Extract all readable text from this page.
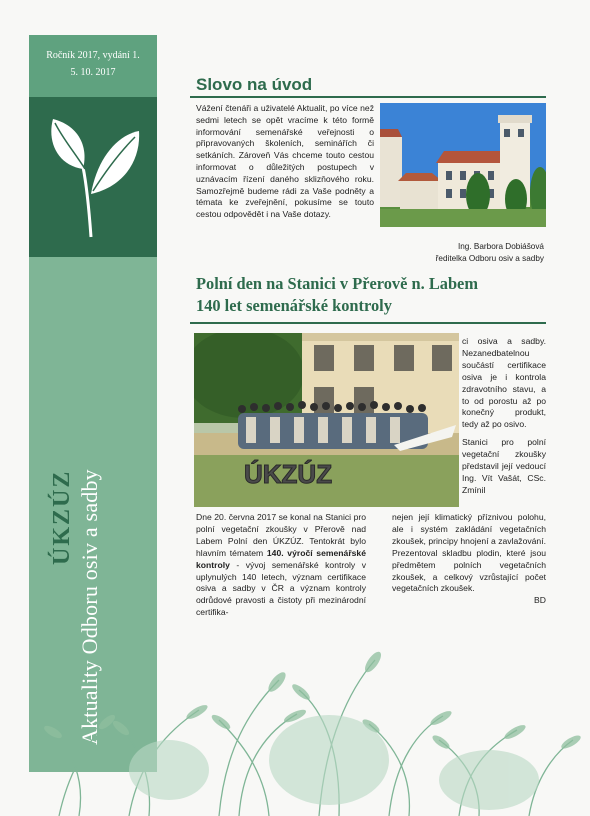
Ročník 2017, vydání 1.
5. 10. 2017
Aktuality Odboru osiv a sadby
ÚKZÚZ
Slovo na úvod
Vážení čtenáři a uživatelé Aktualit, po více než sedmi letech se opět vracíme k této formě informování semenářské veřejnosti o připravovaných školeních, seminářích či setkáních. Zároveň Vás chceme touto cestou informovat o důležitých postupech v uznávacím řízení daného sklizňového roku. Samozřejmě budeme rádi za Vaše podněty a témata ke zveřejnění, pokusíme se touto cestou odpovědět i na Vaše dotazy.
Ing. Barbora Dobiášová
ředitelka Odboru osiv a sadby
Polní den na Stanici v Přerově n. Labem
140 let semenářské kontroly
ÚKZÚZ

ci osiva a sadby. Nezanedbatelnou součástí certifikace osiva je i kontrola zdravotního stavu, a to od porostu až po konečný produkt, tedy až po osivo.

Stanici pro polní vegetační zkoušky představil její vedoucí Ing. Vít Vašát, CSc. Zmínil

Dne 20. června 2017 se konal na Stanici pro polní vegetační zkoušky v Přerově nad Labem Polní den ÚKZÚZ. Tentokrát bylo hlavním tématem 140. výročí semenářské kontroly - vývoj semenářské kontroly v uplynulých 140 letech, význam certifikace osiva a sadby v ČR a význam kontroly odrůdové pravosti a čistoty při mezinárodní certifika-
nejen její klimatický příznivou polohu, ale i systém zakládání vegetačních zkoušek, principy hnojení a zavlažování. Prezentoval skladbu plodin, které jsou předmětem polních vegetačních zkoušek, a celkový vzrůstající počet vegetačních zkoušek.
BD
